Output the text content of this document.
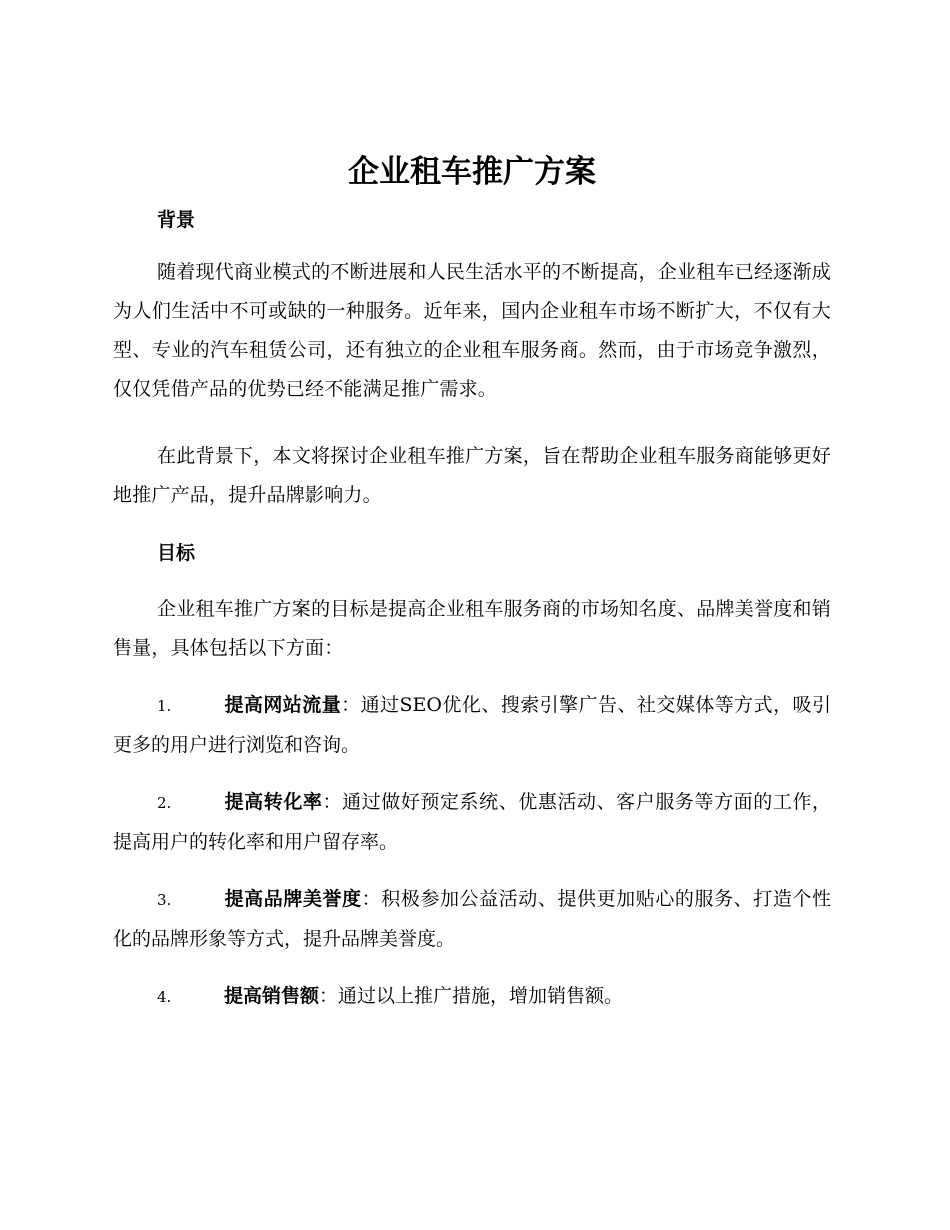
企业租车推广方案
背景

随着现代商业模式的不断进展和人民生活水平的不断提高，企业租车已经逐渐成为人们生活中不可或缺的一种服务。近年来，国内企业租车市场不断扩大，不仅有大型、专业的汽车租赁公司，还有独立的企业租车服务商。然而，由于市场竞争激烈，仅仅凭借产品的优势已经不能满足推广需求。

在此背景下，本文将探讨企业租车推广方案，旨在帮助企业租车服务商能够更好地推广产品，提升品牌影响力。

目标

企业租车推广方案的目标是提高企业租车服务商的市场知名度、品牌美誉度和销售量，具体包括以下方面：

1.	提高网站流量：通过SEO优化、搜索引擎广告、社交媒体等方式，吸引更多的用户进行浏览和咨询。

2.	提高转化率：通过做好预定系统、优惠活动、客户服务等方面的工作，提高用户的转化率和用户留存率。

3.	提高品牌美誉度：积极参加公益活动、提供更加贴心的服务、打造个性化的品牌形象等方式，提升品牌美誉度。

4.	提高销售额：通过以上推广措施，增加销售额。
